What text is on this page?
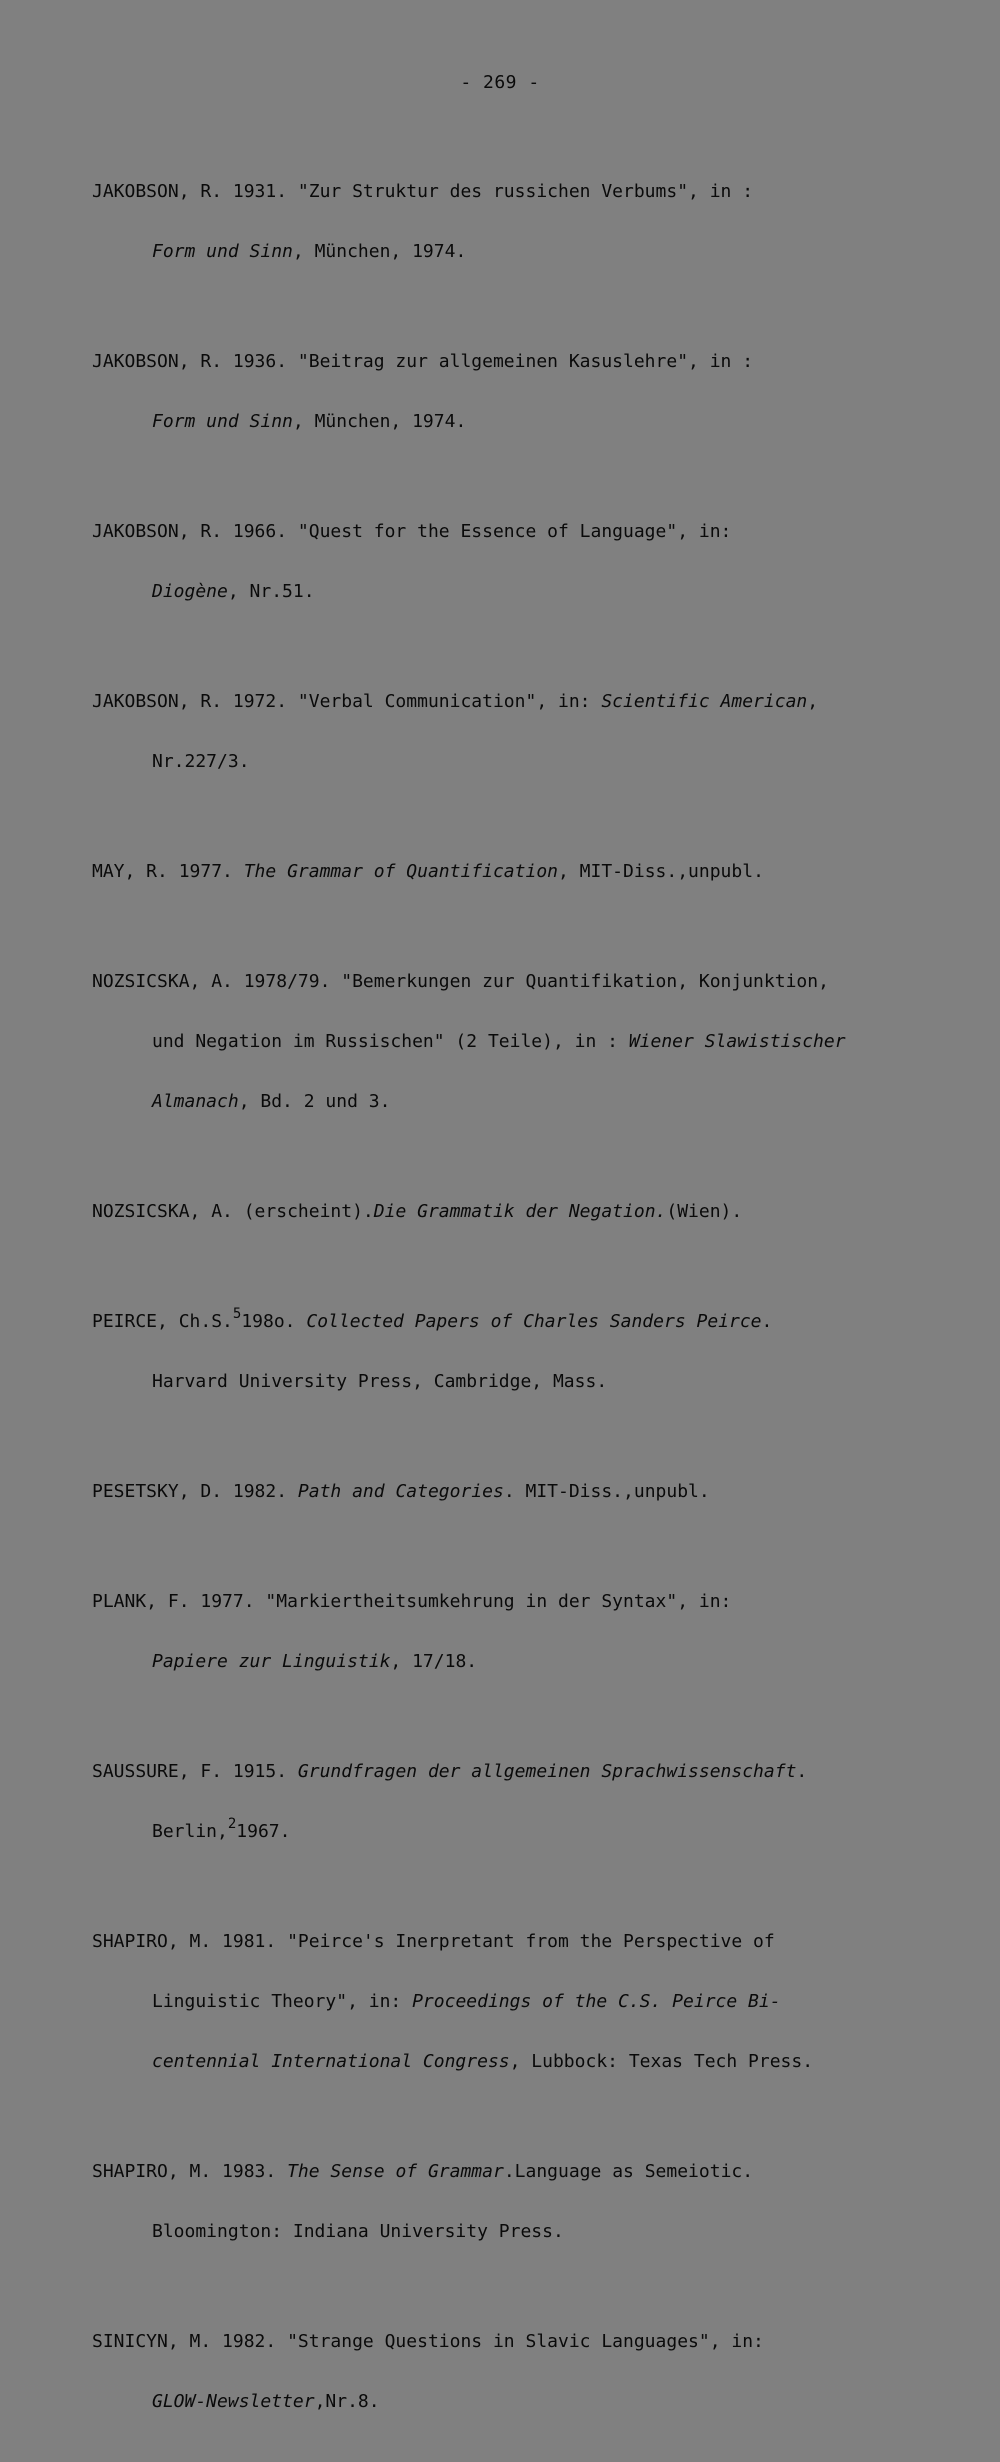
- 269 -

JAKOBSON, R. 1931. "Zur Struktur des russichen Verbums", in :

Form und Sinn, München, 1974.

JAKOBSON, R. 1936. "Beitrag zur allgemeinen Kasuslehre", in :

Form und Sinn, München, 1974.

JAKOBSON, R. 1966. "Quest for the Essence of Language", in:

Diogène, Nr.51.

JAKOBSON, R. 1972. "Verbal Communication", in: Scientific American,

Nr.227/3.

MAY, R. 1977. The Grammar of Quantification, MIT-Diss.,unpubl.

NOZSICSKA, A. 1978/79. "Bemerkungen zur Quantifikation, Konjunktion,

und Negation im Russischen" (2 Teile), in : Wiener Slawistischer

Almanach, Bd. 2 und 3.

NOZSICSKA, A. (erscheint).Die Grammatik der Negation.(Wien).

PEIRCE, Ch.S.$^5$198o. Collected Papers of Charles Sanders Peirce.

Harvard University Press, Cambridge, Mass.

PESETSKY, D. 1982. Path and Categories. MIT-Diss.,unpubl.

PLANK, F. 1977. "Markiertheitsumkehrung in der Syntax", in:

Papiere zur Linguistik, 17/18.

SAUSSURE, F. 1915. Grundfragen der allgemeinen Sprachwissenschaft.

Berlin,$^2$1967.

SHAPIRO, M. 1981. "Peirce's Inerpretant from the Perspective of

Linguistic Theory", in: Proceedings of the C.S. Peirce Bi-

centennial International Congress, Lubbock: Texas Tech Press.

SHAPIRO, M. 1983. The Sense of Grammar.Language as Semeiotic.

Bloomington: Indiana University Press.

SINICYN, M. 1982. "Strange Questions in Slavic Languages", in:

GLOW-Newsletter,Nr.8.
